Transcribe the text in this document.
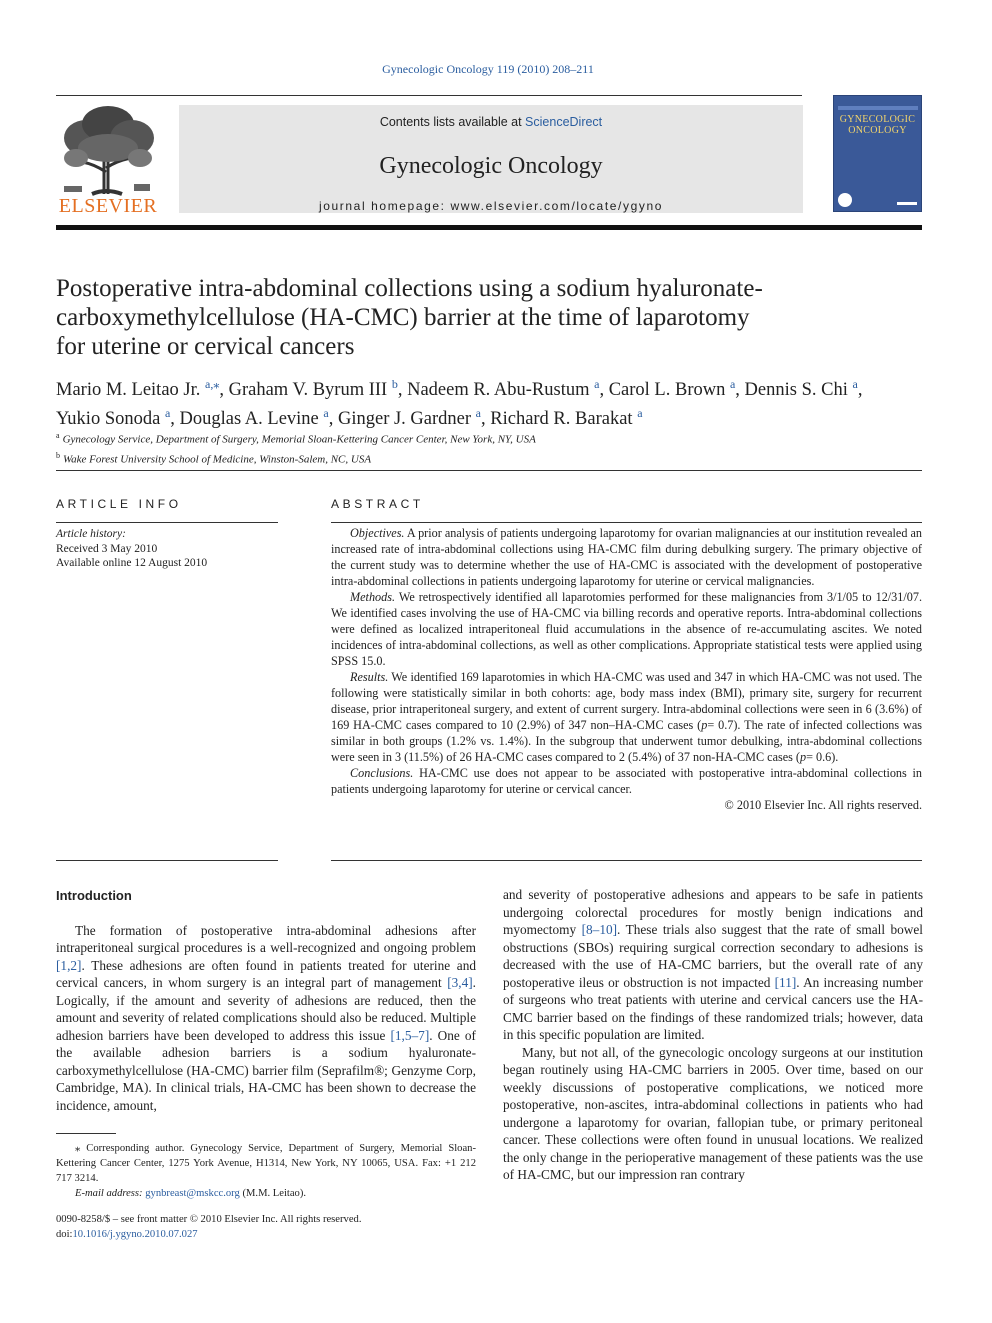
Gynecologic Oncology 119 (2010) 208–211
ELSEVIER
Contents lists available at ScienceDirect
Gynecologic Oncology
journal homepage: www.elsevier.com/locate/ygyno
GYNECOLOGIC
ONCOLOGY
Postoperative intra-abdominal collections using a sodium hyaluronate-carboxymethylcellulose (HA-CMC) barrier at the time of laparotomy for uterine or cervical cancers
Mario M. Leitao Jr. $^{a,⁎}$, Graham V. Byrum III $^b$, Nadeem R. Abu-Rustum $^a$, Carol L. Brown $^a$, Dennis S. Chi $^a$,
Yukio Sonoda $^a$, Douglas A. Levine $^a$, Ginger J. Gardner $^a$, Richard R. Barakat $^a$
$^a$ Gynecology Service, Department of Surgery, Memorial Sloan-Kettering Cancer Center, New York, NY, USA
$^b$ Wake Forest University School of Medicine, Winston-Salem, NC, USA
ARTICLE INFO
Article history:
Received 3 May 2010
Available online 12 August 2010
ABSTRACT

Objectives. A prior analysis of patients undergoing laparotomy for ovarian malignancies at our institution revealed an increased rate of intra-abdominal collections using HA-CMC film during debulking surgery. The primary objective of the current study was to determine whether the use of HA-CMC is associated with the development of postoperative intra-abdominal collections in patients undergoing laparotomy for uterine or cervical malignancies.

Methods. We retrospectively identified all laparotomies performed for these malignancies from 3/1/05 to 12/31/07. We identified cases involving the use of HA-CMC via billing records and operative reports. Intra-abdominal collections were defined as localized intraperitoneal fluid accumulations in the absence of re-accumulating ascites. We noted incidences of intra-abdominal collections, as well as other complications. Appropriate statistical tests were applied using SPSS 15.0.

Results. We identified 169 laparotomies in which HA-CMC was used and 347 in which HA-CMC was not used. The following were statistically similar in both cohorts: age, body mass index (BMI), primary site, surgery for recurrent disease, prior intraperitoneal surgery, and extent of current surgery. Intra-abdominal collections were seen in 6 (3.6%) of 169 HA-CMC cases compared to 10 (2.9%) of 347 non–HA-CMC cases (p= 0.7). The rate of infected collections was similar in both groups (1.2% vs. 1.4%). In the subgroup that underwent tumor debulking, intra-abdominal collections were seen in 3 (11.5%) of 26 HA-CMC cases compared to 2 (5.4%) of 37 non-HA-CMC cases (p= 0.6).

Conclusions. HA-CMC use does not appear to be associated with postoperative intra-abdominal collections in patients undergoing laparotomy for uterine or cervical cancer.

© 2010 Elsevier Inc. All rights reserved.

Introduction

The formation of postoperative intra-abdominal adhesions after intraperitoneal surgical procedures is a well-recognized and ongoing problem [1,2]. These adhesions are often found in patients treated for uterine and cervical cancers, in whom surgery is an integral part of management [3,4]. Logically, if the amount and severity of adhesions are reduced, then the amount and severity of related complications should also be reduced. Multiple adhesion barriers have been developed to address this issue [1,5–7]. One of the available adhesion barriers is a sodium hyaluronate-carboxymethylcellulose (HA-CMC) barrier film (Seprafilm®; Genzyme Corp, Cambridge, MA). In clinical trials, HA-CMC has been shown to decrease the incidence, amount,

and severity of postoperative adhesions and appears to be safe in patients undergoing colorectal procedures for mostly benign indications and myomectomy [8–10]. These trials also suggest that the rate of small bowel obstructions (SBOs) requiring surgical correction secondary to adhesions is decreased with the use of HA-CMC barriers, but the overall rate of any postoperative ileus or obstruction is not impacted [11]. An increasing number of surgeons who treat patients with uterine and cervical cancers use the HA-CMC barrier based on the findings of these randomized trials; however, data in this specific population are limited.

Many, but not all, of the gynecologic oncology surgeons at our institution began routinely using HA-CMC barriers in 2005. Over time, based on our weekly discussions of postoperative complications, we noticed more postoperative, non-ascites, intra-abdominal collections in patients who had undergone a laparotomy for ovarian, fallopian tube, or primary peritoneal cancer. These collections were often found in unusual locations. We realized the only change in the perioperative management of these patients was the use of HA-CMC, but our impression ran contrary

⁎ Corresponding author. Gynecology Service, Department of Surgery, Memorial Sloan-Kettering Cancer Center, 1275 York Avenue, H1314, New York, NY 10065, USA. Fax: +1 212 717 3214.

E-mail address: gynbreast@mskcc.org (M.M. Leitao).

0090-8258/$ – see front matter © 2010 Elsevier Inc. All rights reserved.
doi:10.1016/j.ygyno.2010.07.027
